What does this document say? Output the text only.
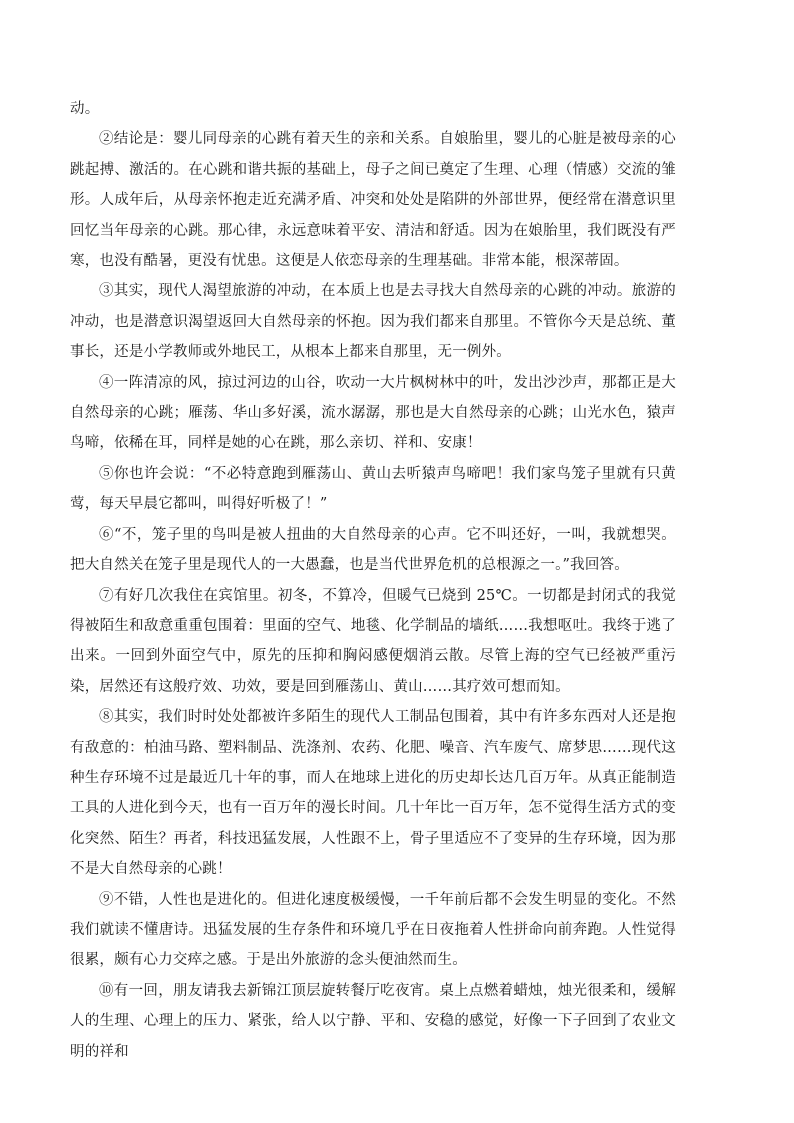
动。

②结论是：婴儿同母亲的心跳有着天生的亲和关系。自娘胎里，婴儿的心脏是被母亲的心跳起搏、激活的。在心跳和谐共振的基础上，母子之间已奠定了生理、心理（情感）交流的雏形。人成年后，从母亲怀抱走近充满矛盾、冲突和处处是陷阱的外部世界，便经常在潜意识里回忆当年母亲的心跳。那心律，永远意味着平安、清洁和舒适。因为在娘胎里，我们既没有严寒，也没有酷暑，更没有忧患。这便是人依恋母亲的生理基础。非常本能，根深蒂固。

③其实，现代人渴望旅游的冲动，在本质上也是去寻找大自然母亲的心跳的冲动。旅游的冲动，也是潜意识渴望返回大自然母亲的怀抱。因为我们都来自那里。不管你今天是总统、董事长，还是小学教师或外地民工，从根本上都来自那里，无一例外。

④一阵清凉的风，掠过河边的山谷，吹动一大片枫树林中的叶，发出沙沙声，那都正是大自然母亲的心跳；雁荡、华山多好溪，流水潺潺，那也是大自然母亲的心跳；山光水色，猿声鸟啼，依稀在耳，同样是她的心在跳，那么亲切、祥和、安康！

⑤你也许会说：“不必特意跑到雁荡山、黄山去听猿声鸟啼吧！我们家鸟笼子里就有只黄莺，每天早晨它都叫，叫得好听极了！”

⑥“不，笼子里的鸟叫是被人扭曲的大自然母亲的心声。它不叫还好，一叫，我就想哭。把大自然关在笼子里是现代人的一大愚蠢，也是当代世界危机的总根源之一。”我回答。

⑦有好几次我住在宾馆里。初冬，不算冷，但暖气已烧到 25℃。一切都是封闭式的我觉得被陌生和敌意重重包围着：里面的空气、地毯、化学制品的墙纸……我想呕吐。我终于逃了出来。一回到外面空气中，原先的压抑和胸闷感便烟消云散。尽管上海的空气已经被严重污染，居然还有这般疗效、功效，要是回到雁荡山、黄山……其疗效可想而知。

⑧其实，我们时时处处都被许多陌生的现代人工制品包围着，其中有许多东西对人还是抱有敌意的：柏油马路、塑料制品、洗涤剂、农药、化肥、噪音、汽车废气、席梦思……现代这种生存环境不过是最近几十年的事，而人在地球上进化的历史却长达几百万年。从真正能制造工具的人进化到今天，也有一百万年的漫长时间。几十年比一百万年，怎不觉得生活方式的变化突然、陌生？再者，科技迅猛发展，人性跟不上，骨子里适应不了变异的生存环境，因为那不是大自然母亲的心跳！

⑨不错，人性也是进化的。但进化速度极缓慢，一千年前后都不会发生明显的变化。不然我们就读不懂唐诗。迅猛发展的生存条件和环境几乎在日夜拖着人性拼命向前奔跑。人性觉得很累，颇有心力交瘁之感。于是出外旅游的念头便油然而生。

⑩有一回，朋友请我去新锦江顶层旋转餐厅吃夜宵。桌上点燃着蜡烛，烛光很柔和，缓解人的生理、心理上的压力、紧张，给人以宁静、平和、安稳的感觉，好像一下子回到了农业文明的祥和
